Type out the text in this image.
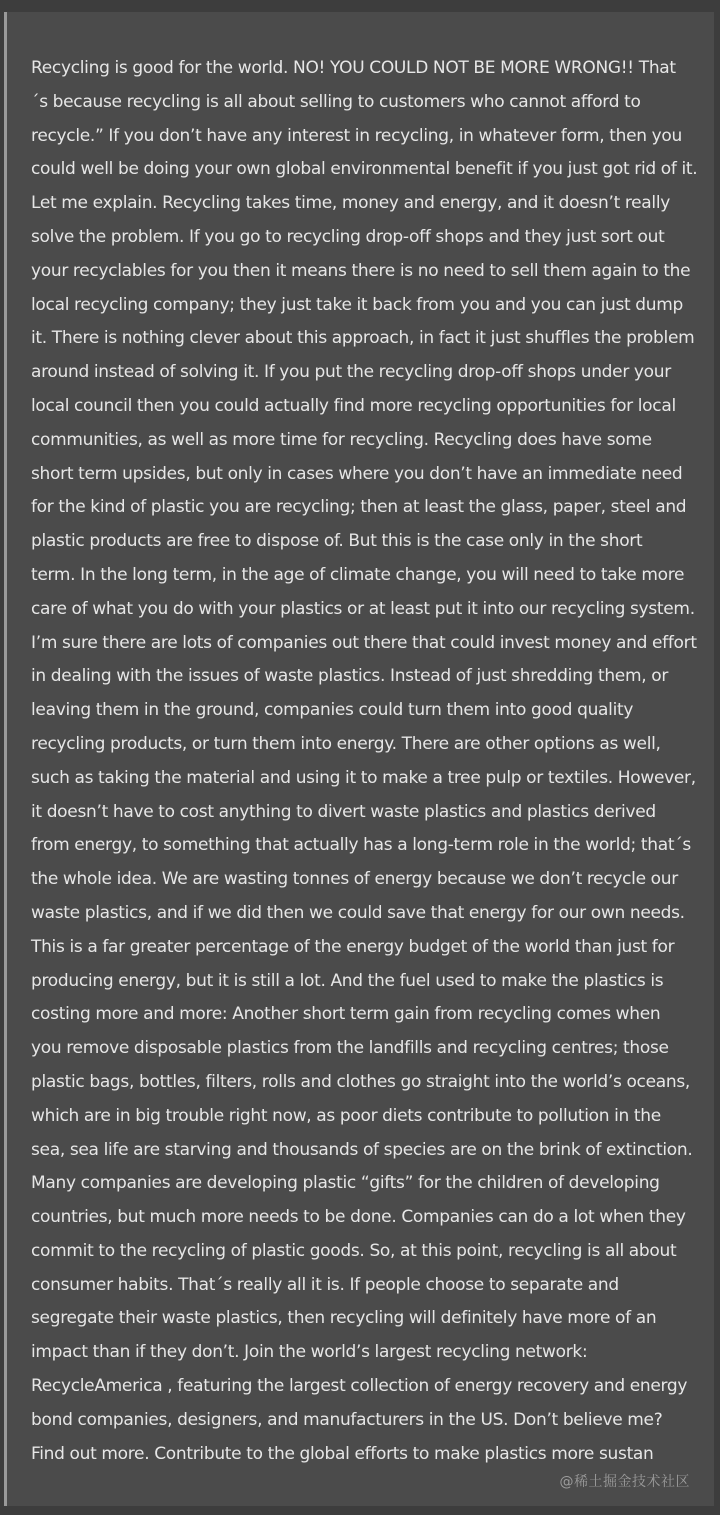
Recycling is good for the world. NO! YOU COULD NOT BE MORE WRONG!! That
´s because recycling is all about selling to customers who cannot afford to
recycle.” If you don’t have any interest in recycling, in whatever form, then you
could well be doing your own global environmental benefit if you just got rid of it.
Let me explain. Recycling takes time, money and energy, and it doesn’t really
solve the problem. If you go to recycling drop-off shops and they just sort out
your recyclables for you then it means there is no need to sell them again to the
local recycling company; they just take it back from you and you can just dump
it. There is nothing clever about this approach, in fact it just shuffles the problem
around instead of solving it. If you put the recycling drop-off shops under your
local council then you could actually find more recycling opportunities for local
communities, as well as more time for recycling. Recycling does have some
short term upsides, but only in cases where you don’t have an immediate need
for the kind of plastic you are recycling; then at least the glass, paper, steel and
plastic products are free to dispose of. But this is the case only in the short
term. In the long term, in the age of climate change, you will need to take more
care of what you do with your plastics or at least put it into our recycling system.
I’m sure there are lots of companies out there that could invest money and effort
in dealing with the issues of waste plastics. Instead of just shredding them, or
leaving them in the ground, companies could turn them into good quality
recycling products, or turn them into energy. There are other options as well,
such as taking the material and using it to make a tree pulp or textiles. However,
it doesn’t have to cost anything to divert waste plastics and plastics derived
from energy, to something that actually has a long-term role in the world; that´s
the whole idea. We are wasting tonnes of energy because we don’t recycle our
waste plastics, and if we did then we could save that energy for our own needs.
This is a far greater percentage of the energy budget of the world than just for
producing energy, but it is still a lot. And the fuel used to make the plastics is
costing more and more: Another short term gain from recycling comes when
you remove disposable plastics from the landfills and recycling centres; those
plastic bags, bottles, filters, rolls and clothes go straight into the world’s oceans,
which are in big trouble right now, as poor diets contribute to pollution in the
sea, sea life are starving and thousands of species are on the brink of extinction.
Many companies are developing plastic “gifts” for the children of developing
countries, but much more needs to be done. Companies can do a lot when they
commit to the recycling of plastic goods. So, at this point, recycling is all about
consumer habits. That´s really all it is. If people choose to separate and
segregate their waste plastics, then recycling will definitely have more of an
impact than if they don’t. Join the world’s largest recycling network:
RecycleAmerica , featuring the largest collection of energy recovery and energy
bond companies, designers, and manufacturers in the US. Don’t believe me?
Find out more. Contribute to the global efforts to make plastics more sustan

@稀土掘金技术社区
